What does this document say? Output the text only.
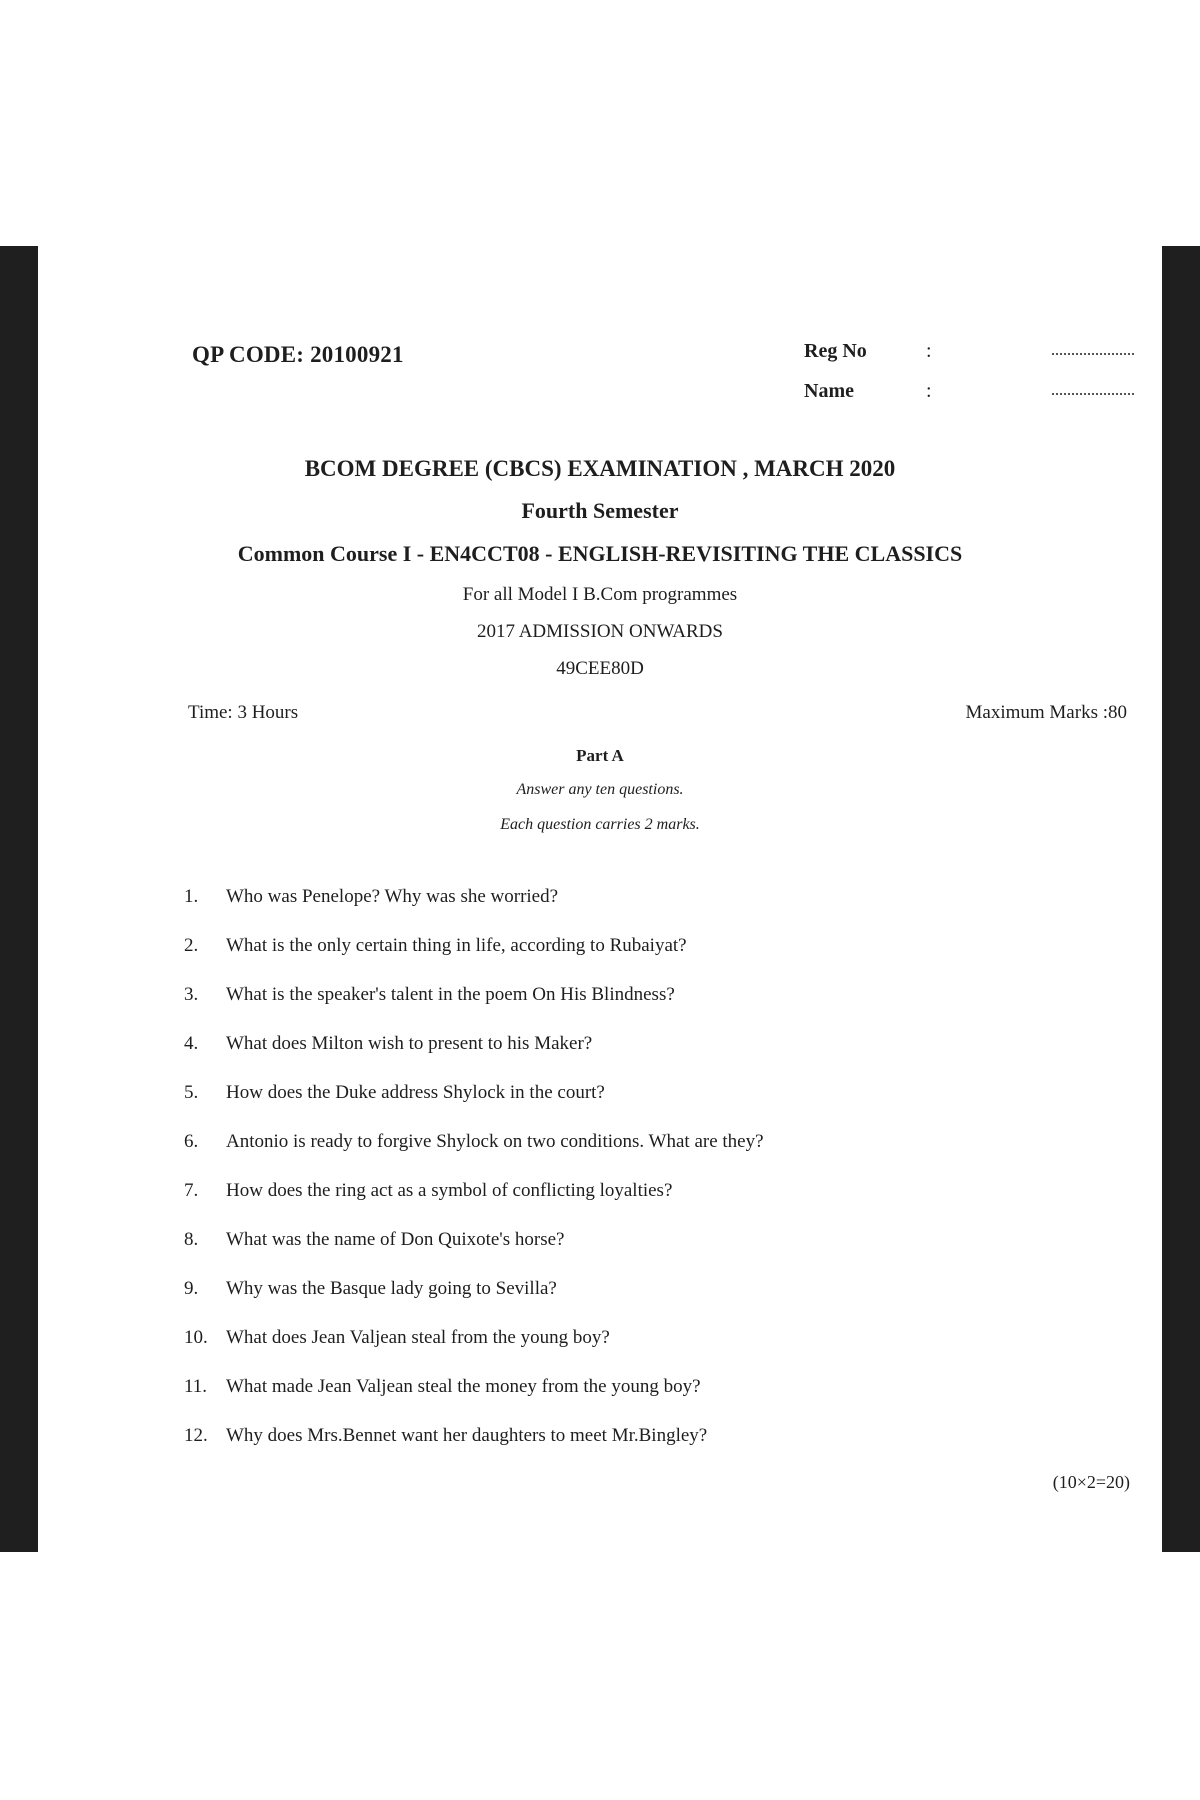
QP CODE: 20100921	Reg No	:
Name	:
BCOM DEGREE (CBCS) EXAMINATION , MARCH 2020
Fourth Semester
Common Course I - EN4CCT08 - ENGLISH-REVISITING THE CLASSICS
For all Model I B.Com programmes
2017 ADMISSION ONWARDS
49CEE80D
Time: 3 Hours	Maximum Marks :80
Part A
Answer any ten questions.
Each question carries 2 marks.
1. Who was Penelope? Why was she worried?
2. What is the only certain thing in life, according to Rubaiyat?
3. What is the speaker's talent in the poem On His Blindness?
4. What does Milton wish to present to his Maker?
5. How does the Duke address Shylock in the court?
6. Antonio is ready to forgive Shylock on two conditions. What are they?
7. How does the ring act as a symbol of conflicting loyalties?
8. What was the name of Don Quixote's horse?
9. Why was the Basque lady going to Sevilla?
10. What does Jean Valjean steal from the young boy?
11. What made Jean Valjean steal the money from the young boy?
12. Why does Mrs.Bennet want her daughters to meet Mr.Bingley?
(10×2=20)
